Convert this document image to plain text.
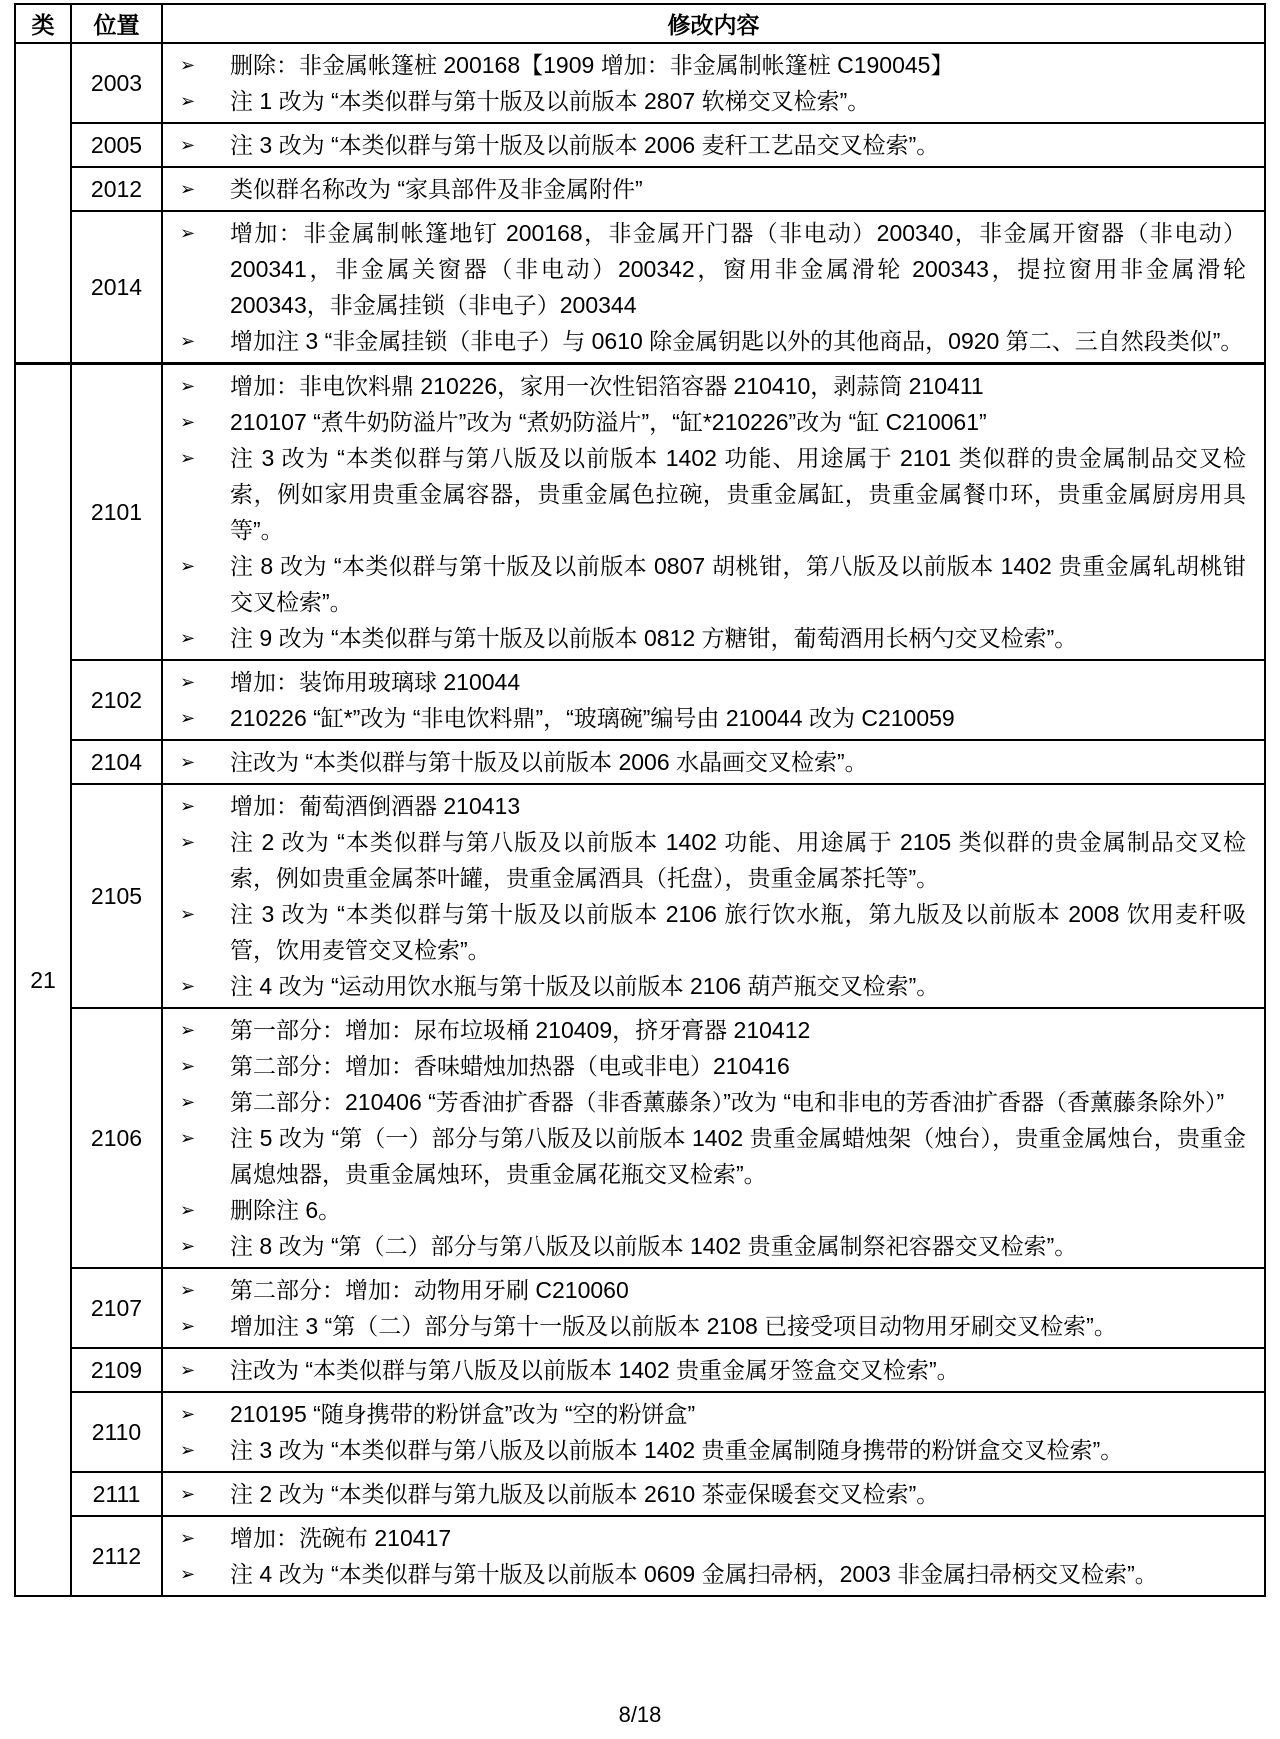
类	位置	修改内容
	2003	➢ 删除：非金属帐篷桩 200168【1909 增加：非金属制帐篷桩 C190045】
➢ 注 1 改为 “本类似群与第十版及以前版本 2807 软梯交叉检索”。

	2005	➢ 注 3 改为 “本类似群与第十版及以前版本 2006 麦秆工艺品交叉检索”。

	2012	➢ 类似群名称改为 “家具部件及非金属附件”

	2014	➢ 增加：非金属制帐篷地钉 200168，非金属开门器（非电动）200340，非金属开窗器（非电动）200341，非金属关窗器（非电动）200342，窗用非金属滑轮 200343，提拉窗用非金属滑轮 200343，非金属挂锁（非电子）200344
➢ 增加注 3 “非金属挂锁（非电子）与 0610 除金属钥匙以外的其他商品，0920 第二、三自然段类似”。

21	2101	
➢ 增加：非电饮料鼎 210226，家用一次性铝箔容器 210410，剥蒜筒 210411
➢ 210107 “煮牛奶防溢片”改为 “煮奶防溢片”，“缸*210226”改为 “缸 C210061”
➢ 注 3 改为 “本类似群与第八版及以前版本 1402 功能、用途属于 2101 类似群的贵金属制品交叉检索，例如家用贵重金属容器，贵重金属色拉碗，贵重金属缸，贵重金属餐巾环，贵重金属厨房用具等”。
➢ 注 8 改为 “本类似群与第十版及以前版本 0807 胡桃钳，第八版及以前版本 1402 贵重金属轧胡桃钳交叉检索”。
➢ 注 9 改为 “本类似群与第十版及以前版本 0812 方糖钳，葡萄酒用长柄勺交叉检索”。

	2102	➢ 增加：装饰用玻璃球 210044
➢ 210226 “缸*”改为 “非电饮料鼎”，“玻璃碗”编号由 210044 改为 C210059

	2104	➢ 注改为 “本类似群与第十版及以前版本 2006 水晶画交叉检索”。

2105	
➢ 增加：葡萄酒倒酒器 210413
➢ 注 2 改为 “本类似群与第八版及以前版本 1402 功能、用途属于 2105 类似群的贵金属制品交叉检索，例如贵重金属茶叶罐，贵重金属酒具（托盘），贵重金属茶托等”。
➢ 注 3 改为 “本类似群与第十版及以前版本 2106 旅行饮水瓶，第九版及以前版本 2008 饮用麦秆吸管，饮用麦管交叉检索”。
➢ 注 4 改为 “运动用饮水瓶与第十版及以前版本 2106 葫芦瓶交叉检索”。

2106	
➢ 第一部分：增加：尿布垃圾桶 210409，挤牙膏器 210412
➢ 第二部分：增加：香味蜡烛加热器（电或非电）210416
➢ 第二部分：210406 “芳香油扩香器（非香薰藤条）”改为 “电和非电的芳香油扩香器（香薰藤条除外）”
➢ 注 5 改为 “第（一）部分与第八版及以前版本 1402 贵重金属蜡烛架（烛台），贵重金属烛台，贵重金属熄烛器，贵重金属烛环，贵重金属花瓶交叉检索”。
➢ 删除注 6。
➢ 注 8 改为 “第（二）部分与第八版及以前版本 1402 贵重金属制祭祀容器交叉检索”。

	2107	➢ 第二部分：增加：动物用牙刷 C210060
➢ 增加注 3 “第（二）部分与第十一版及以前版本 2108 已接受项目动物用牙刷交叉检索”。

	2109	➢ 注改为 “本类似群与第八版及以前版本 1402 贵重金属牙签盒交叉检索”。

	2110	➢ 210195 “随身携带的粉饼盒”改为 “空的粉饼盒”
➢ 注 3 改为 “本类似群与第八版及以前版本 1402 贵重金属制随身携带的粉饼盒交叉检索”。

	2111	➢ 注 2 改为 “本类似群与第九版及以前版本 2610 茶壶保暖套交叉检索”。

	2112	➢ 增加：洗碗布 210417
➢ 注 4 改为 “本类似群与第十版及以前版本 0609 金属扫帚柄，2003 非金属扫帚柄交叉检索”。
8/18
